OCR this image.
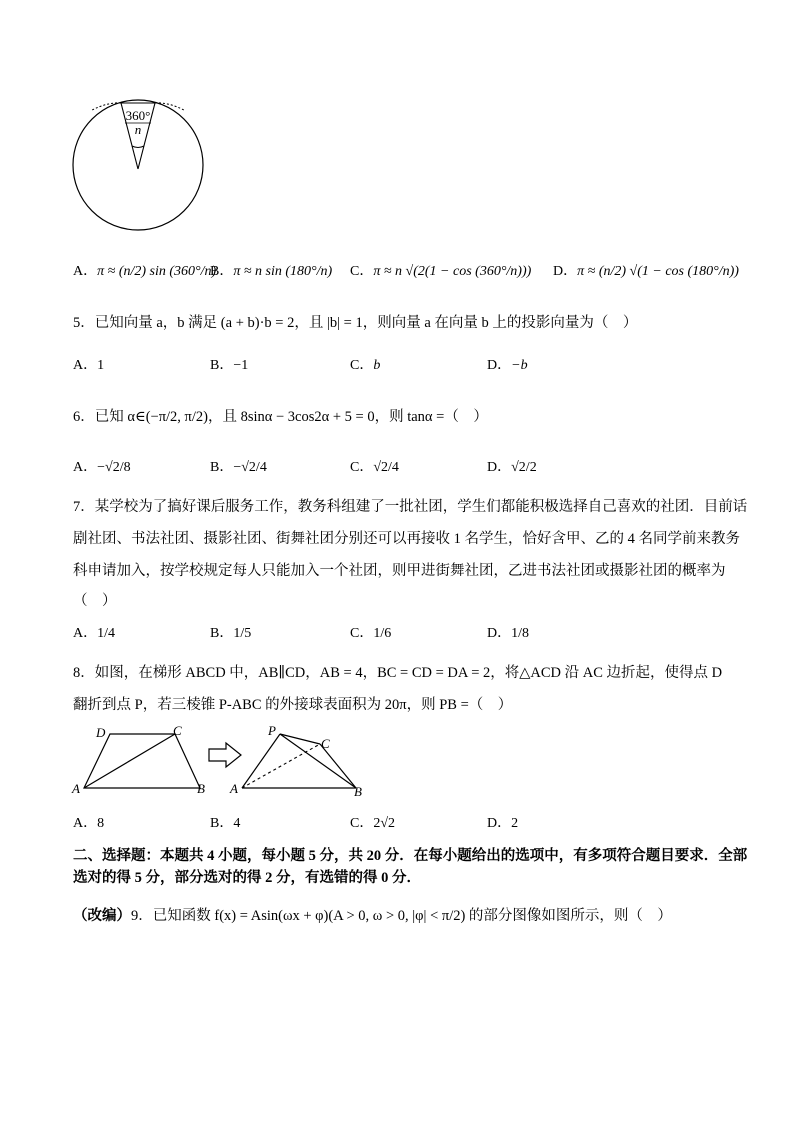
360°
n
A．π ≈ (n/2) sin (360°/n)
B．π ≈ n sin (180°/n) C．π ≈ n √(2(1 − cos (360°/n))) D．π ≈ (n/2) √(1 − cos (180°/n))
5．已知向量 a，b 满足 (a + b)·b = 2，且 |b| = 1，则向量 a 在向量 b 上的投影向量为（　）
A．1	B．−1	C．b	D．−b
6．已知 α∈(−π/2, π/2)，且 8sinα − 3cos2α + 5 = 0，则 tanα =（　）
A．−√2/8	B．−√2/4	C．√2/4	D．√2/2
7．某学校为了搞好课后服务工作，教务科组建了一批社团，学生们都能积极选择自己喜欢的社团．目前话
剧社团、书法社团、摄影社团、街舞社团分别还可以再接收 1 名学生，恰好含甲、乙的 4 名同学前来教务
科申请加入，按学校规定每人只能加入一个社团，则甲进街舞社团，乙进书法社团或摄影社团的概率为
（　）
A．1/4	B．1/5	C．1/6	D．1/8
8．如图，在梯形 ABCD 中，AB∥CD，AB = 4，BC = CD = DA = 2，将△ACD 沿 AC 边折起，使得点 D
翻折到点 P，若三棱锥 P-ABC 的外接球表面积为 20π，则 PB =（　）
D	C
A	B
P
C
A	B
A．8	B．4	C．2√2	D．2
二、选择题：本题共 4 小题，每小题 5 分，共 20 分．在每小题给出的选项中，有多项符合题目要求．全部
选对的得 5 分，部分选对的得 2 分，有选错的得 0 分．
（改编）9．已知函数 f(x) = Asin(ωx + φ)(A > 0, ω > 0, |φ| < π/2) 的部分图像如图所示，则（　）
